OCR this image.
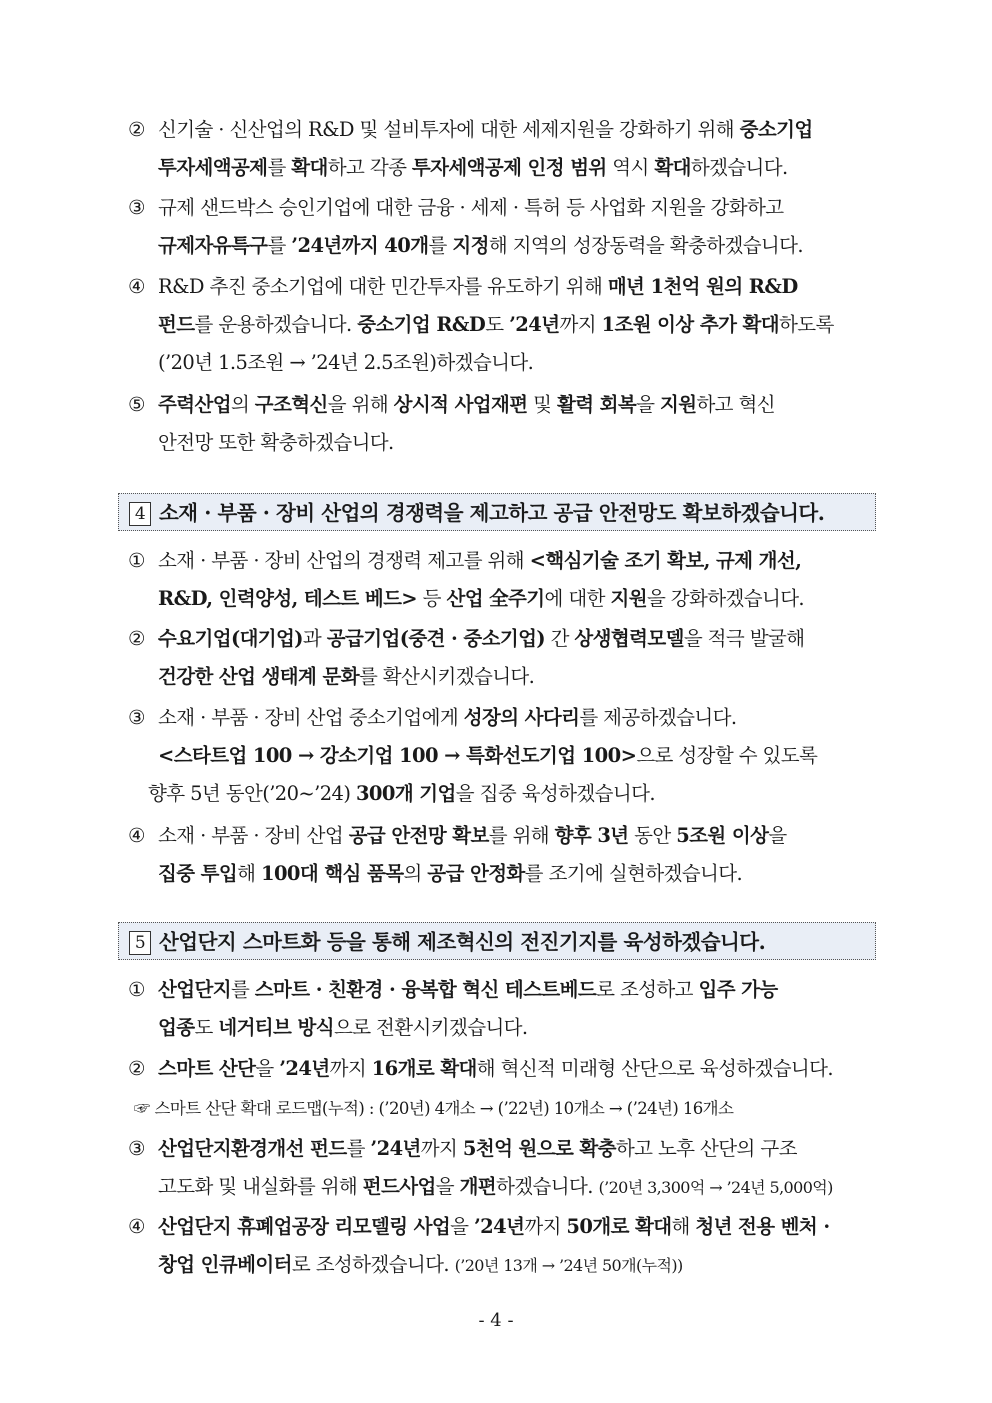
② 신기술 · 신산업의 R&D 및 설비투자에 대한 세제지원을 강화하기 위해 중소기업
투자세액공제를 확대하고 각종 투자세액공제 인정 범위 역시 확대하겠습니다.
③ 규제 샌드박스 승인기업에 대한 금융 · 세제 · 특허 등 사업화 지원을 강화하고
규제자유특구를 ’24년까지 40개를 지정해 지역의 성장동력을 확충하겠습니다.
④ R&D 추진 중소기업에 대한 민간투자를 유도하기 위해 매년 1천억 원의 R&D
펀드를 운용하겠습니다. 중소기업 R&D도 ’24년까지 1조원 이상 추가 확대하도록
(’20년 1.5조원 → ’24년 2.5조원)하겠습니다.
⑤ 주력산업의 구조혁신을 위해 상시적 사업재편 및 활력 회복을 지원하고 혁신
안전망 또한 확충하겠습니다.
4 소재 · 부품 · 장비 산업의 경쟁력을 제고하고 공급 안전망도 확보하겠습니다.
① 소재 · 부품 · 장비 산업의 경쟁력 제고를 위해 <핵심기술 조기 확보, 규제 개선,
R&D, 인력양성, 테스트 베드> 등 산업 全주기에 대한 지원을 강화하겠습니다.
② 수요기업(대기업)과 공급기업(중견 · 중소기업) 간 상생협력모델을 적극 발굴해
건강한 산업 생태계 문화를 확산시키겠습니다.
③ 소재 · 부품 · 장비 산업 중소기업에게 성장의 사다리를 제공하겠습니다.
<스타트업 100 → 강소기업 100 → 특화선도기업 100>으로 성장할 수 있도록
향후 5년 동안(’20~’24) 300개 기업을 집중 육성하겠습니다.
④ 소재 · 부품 · 장비 산업 공급 안전망 확보를 위해 향후 3년 동안 5조원 이상을
집중 투입해 100대 핵심 품목의 공급 안정화를 조기에 실현하겠습니다.
5 산업단지 스마트화 등을 통해 제조혁신의 전진기지를 육성하겠습니다.
① 산업단지를 스마트 · 친환경 · 융복합 혁신 테스트베드로 조성하고 입주 가능
업종도 네거티브 방식으로 전환시키겠습니다.
② 스마트 산단을 ’24년까지 16개로 확대해 혁신적 미래형 산단으로 육성하겠습니다.
☞ 스마트 산단 확대 로드맵(누적) : (’20년) 4개소 → (’22년) 10개소 → (’24년) 16개소
③ 산업단지환경개선 펀드를 ’24년까지 5천억 원으로 확충하고 노후 산단의 구조
고도화 및 내실화를 위해 펀드사업을 개편하겠습니다. (’20년 3,300억 → ’24년 5,000억)
④ 산업단지 휴폐업공장 리모델링 사업을 ’24년까지 50개로 확대해 청년 전용 벤처 ·
창업 인큐베이터로 조성하겠습니다. (’20년 13개 → ’24년 50개(누적))
- 4 -
